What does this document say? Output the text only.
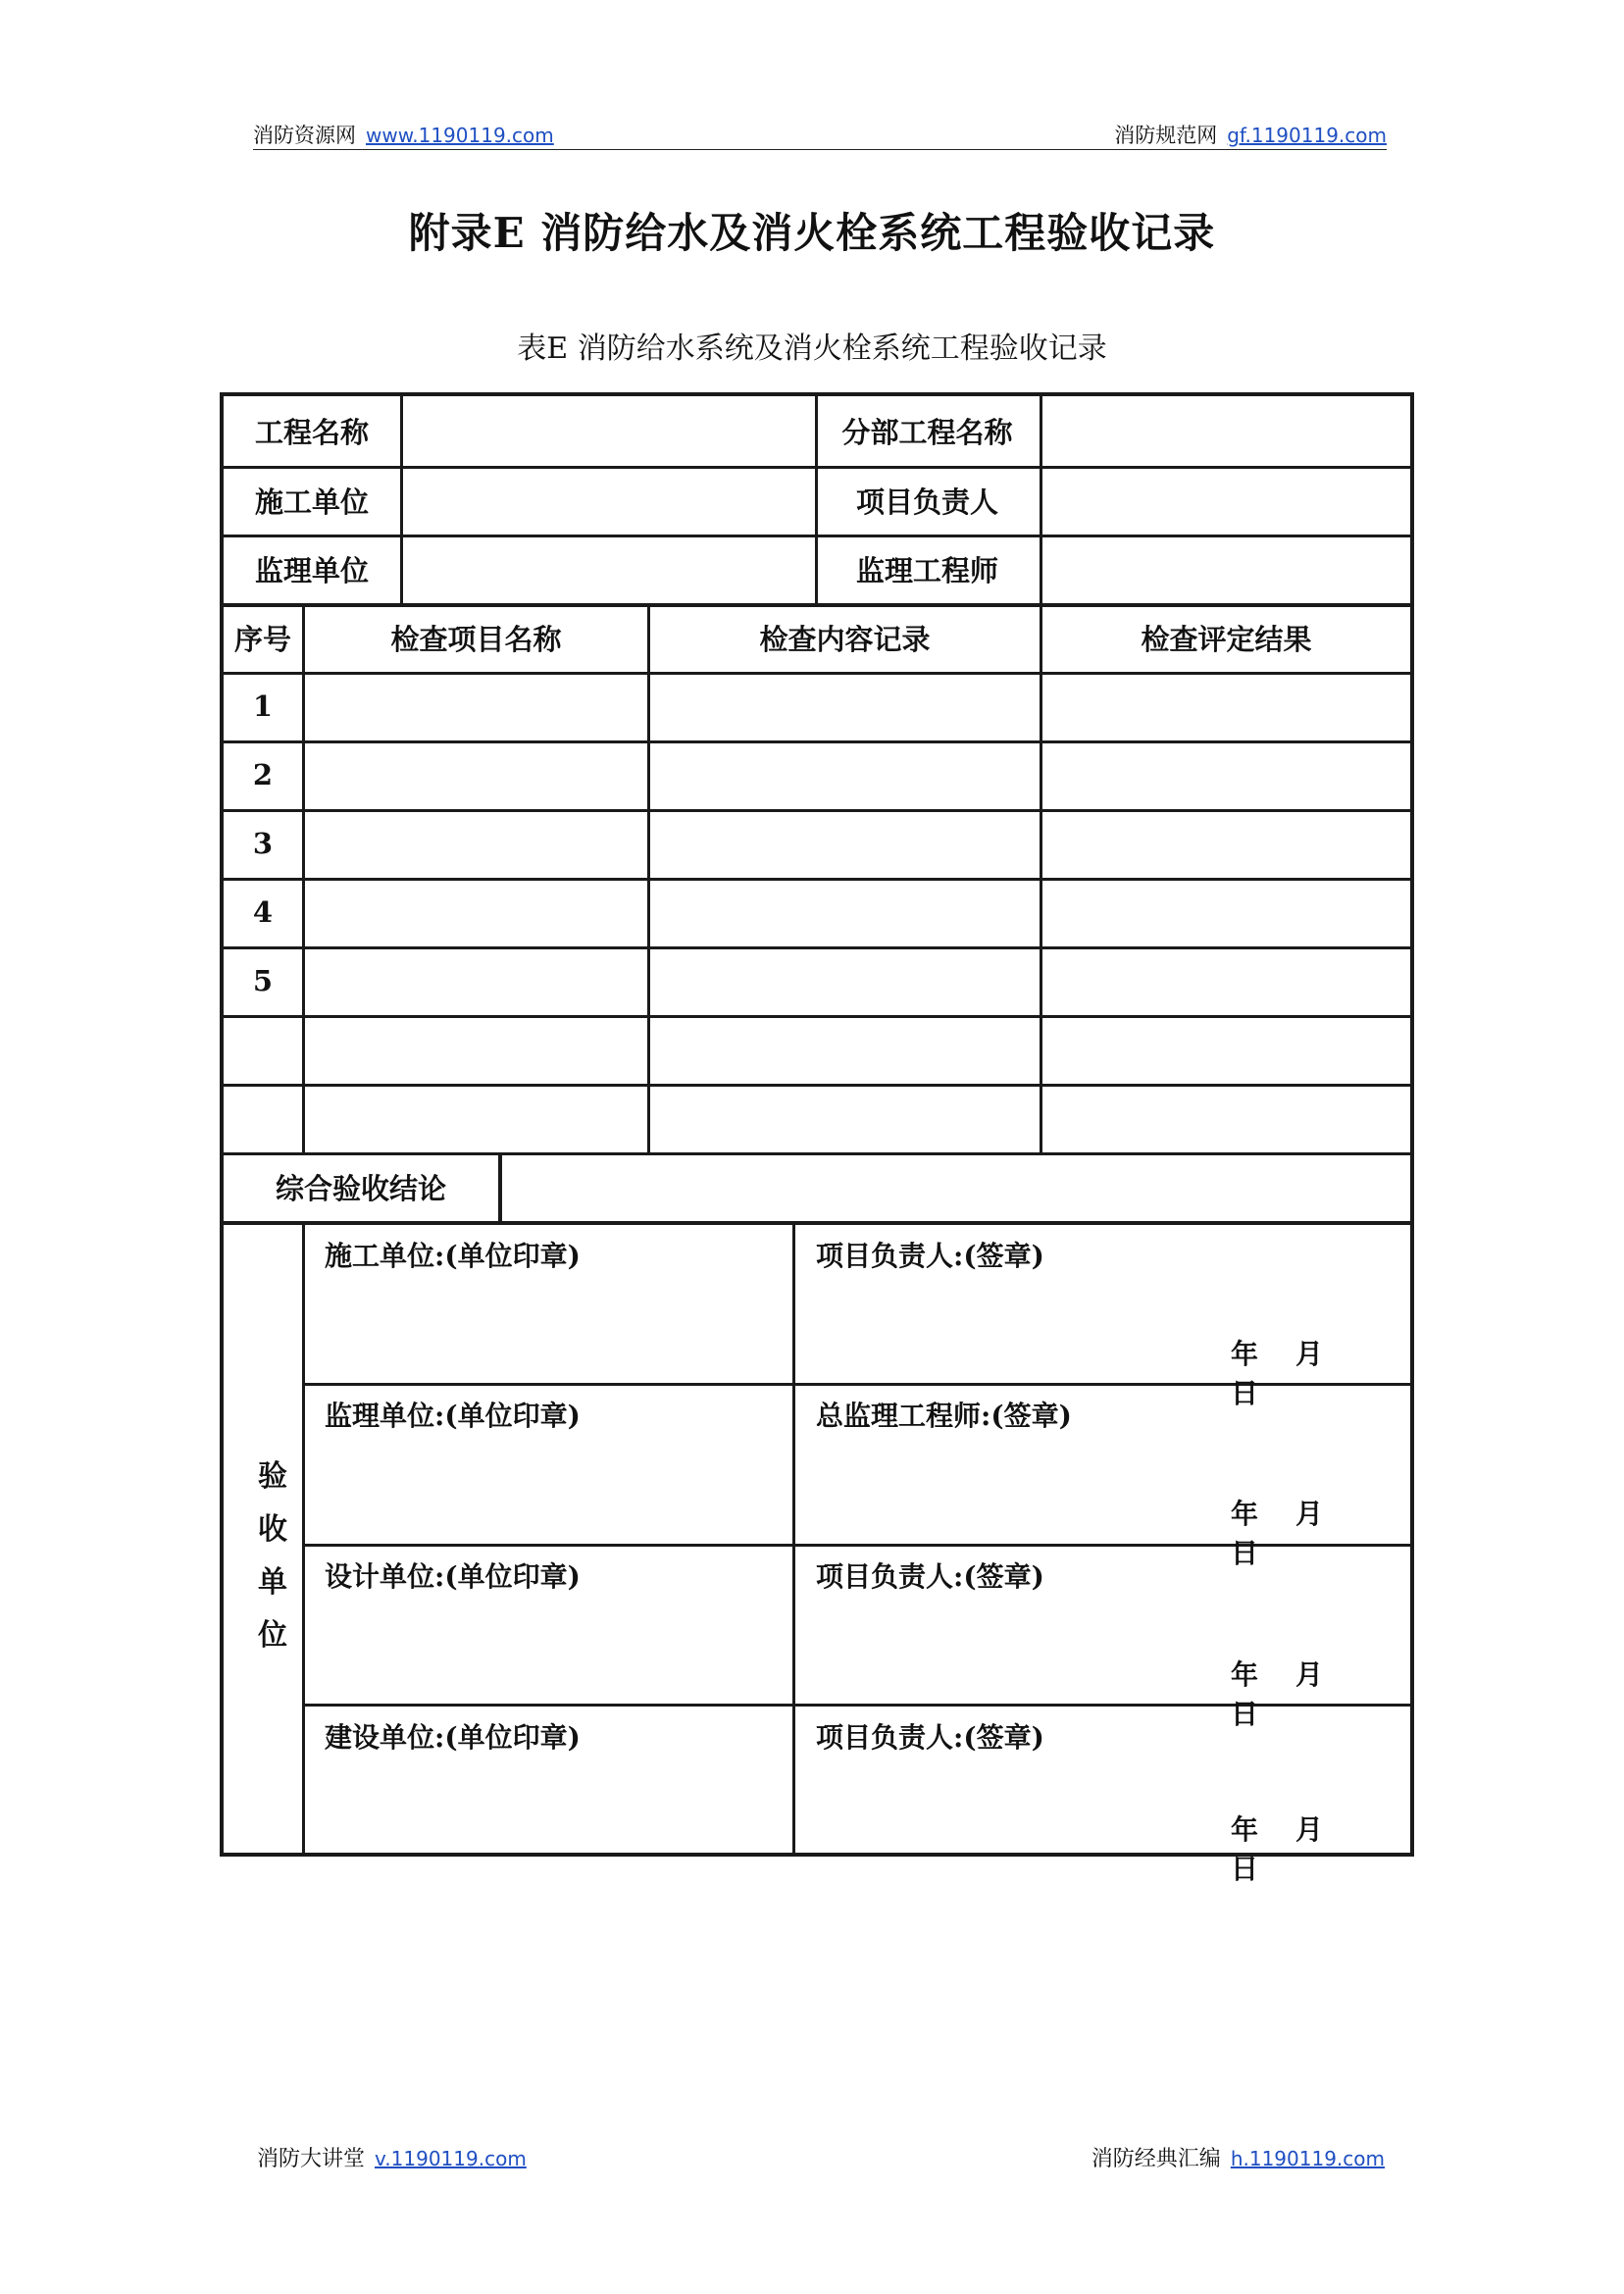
消防资源网 www.1190119.com	消防规范网 gf.1190119.com
附录E 消防给水及消火栓系统工程验收记录
表E 消防给水系统及消火栓系统工程验收记录
工程名称	分部工程名称
施工单位	项目负责人
监理单位	监理工程师
序号	检查项目名称	检查内容记录	检查评定结果
1
2
3
4
5
综合验收结论
验
收
单
位
施工单位:(单位印章)	项目负责人:(签章)
年 月日
监理单位:(单位印章)	总监理工程师:(签章)
年 月日
设计单位:(单位印章)	项目负责人:(签章)
年 月日
建设单位:(单位印章)	项目负责人:(签章)
年 月日
消防大讲堂 v.1190119.com	消防经典汇编 h.1190119.com
